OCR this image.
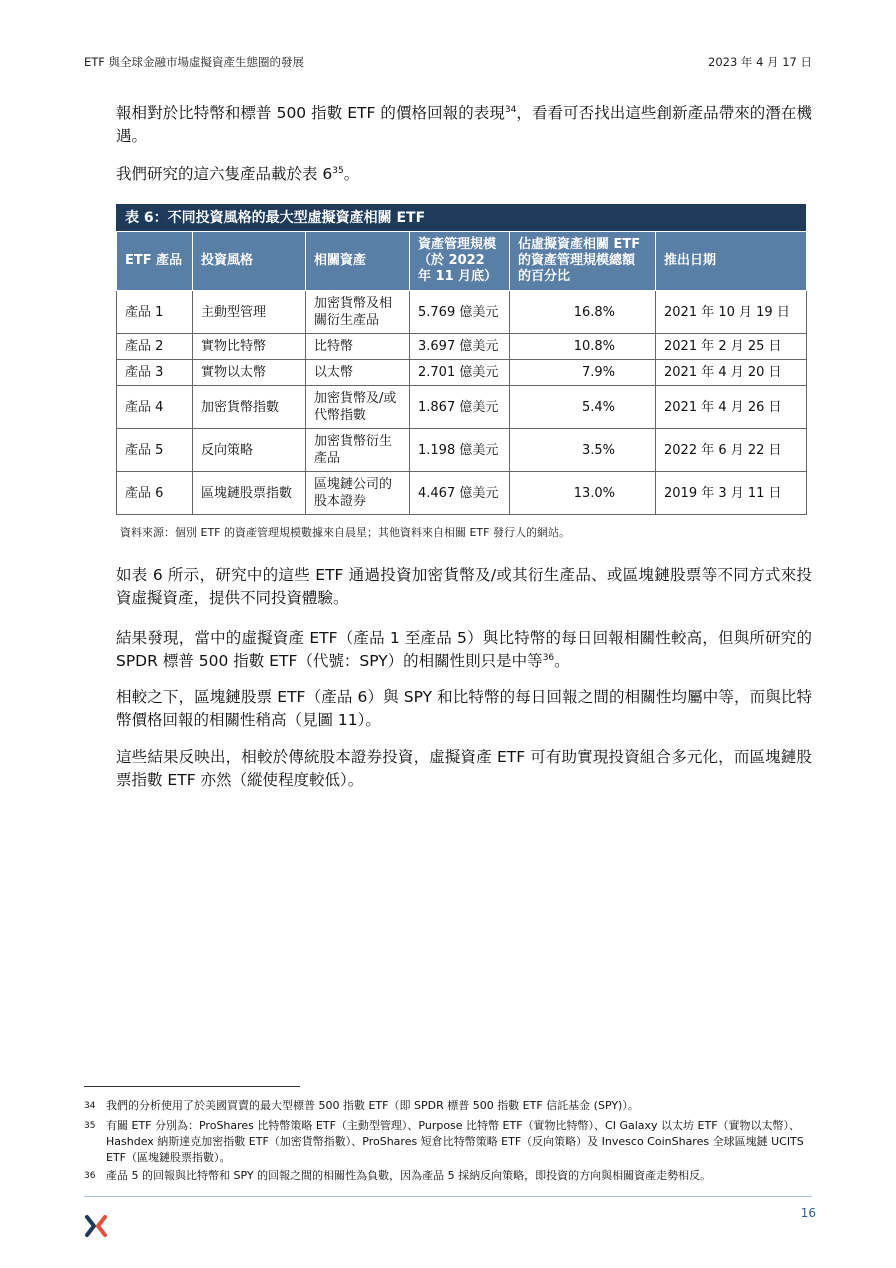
ETF 與全球金融市場虛擬資產生態圈的發展	2023 年 4 月 17 日

報相對於比特幣和標普 500 指數 ETF 的價格回報的表現$^{34}$，看看可否找出這些創新產品帶來的潛在機遇。

我們研究的這六隻產品載於表 $6^{35}$。

表 6：不同投資風格的最大型虛擬資產相關 ETF
ETF 產品	投資風格	相關資產	資產管理規模（於 2022 年 11 月底）	佔虛擬資產相關 ETF 的資產管理規模總額的百分比	推出日期
產品 1	主動型管理	加密貨幣及相關衍生產品	5.769 億美元	16.8%	2021 年 10 月 19 日
產品 2	實物比特幣	比特幣	3.697 億美元	10.8%	2021 年 2 月 25 日
產品 3	實物以太幣	以太幣	2.701 億美元	7.9%	2021 年 4 月 20 日
產品 4	加密貨幣指數	加密貨幣及/或代幣指數	1.867 億美元	5.4%	2021 年 4 月 26 日
產品 5	反向策略	加密貨幣衍生產品	1.198 億美元	3.5%	2022 年 6 月 22 日
產品 6	區塊鏈股票指數	區塊鏈公司的股本證券	4.467 億美元	13.0%	2019 年 3 月 11 日
資料來源：個別 ETF 的資產管理規模數據來自晨星；其他資料來自相關 ETF 發行人的網站。

如表 6 所示，研究中的這些 ETF 通過投資加密貨幣及/或其衍生產品、或區塊鏈股票等不同方式來投資虛擬資產，提供不同投資體驗。

結果發現，當中的虛擬資產 ETF（產品 1 至產品 5）與比特幣的每日回報相關性較高，但與所研究的 SPDR 標普 500 指數 ETF（代號：SPY）的相關性則只是中等$^{36}$。

相較之下，區塊鏈股票 ETF（產品 6）與 SPY 和比特幣的每日回報之間的相關性均屬中等，而與比特幣價格回報的相關性稍高（見圖 11）。

這些結果反映出，相較於傳統股本證券投資，虛擬資產 ETF 可有助實現投資組合多元化，而區塊鏈股票指數 ETF 亦然（縱使程度較低）。

34 我們的分析使用了於美國買賣的最大型標普 500 指數 ETF（即 SPDR 標普 500 指數 ETF 信託基金 (SPY)）。
35 有關 ETF 分別為：ProShares 比特幣策略 ETF（主動型管理）、Purpose 比特幣 ETF（實物比特幣）、CI Galaxy 以太坊 ETF（實物以太幣）、Hashdex 納斯達克加密指數 ETF（加密貨幣指數）、ProShares 短倉比特幣策略 ETF（反向策略）及 Invesco CoinShares 全球區塊鏈 UCITS ETF（區塊鏈股票指數）。
36 產品 5 的回報與比特幣和 SPY 的回報之間的相關性為負數，因為產品 5 採納反向策略，即投資的方向與相關資產走勢相反。
16
